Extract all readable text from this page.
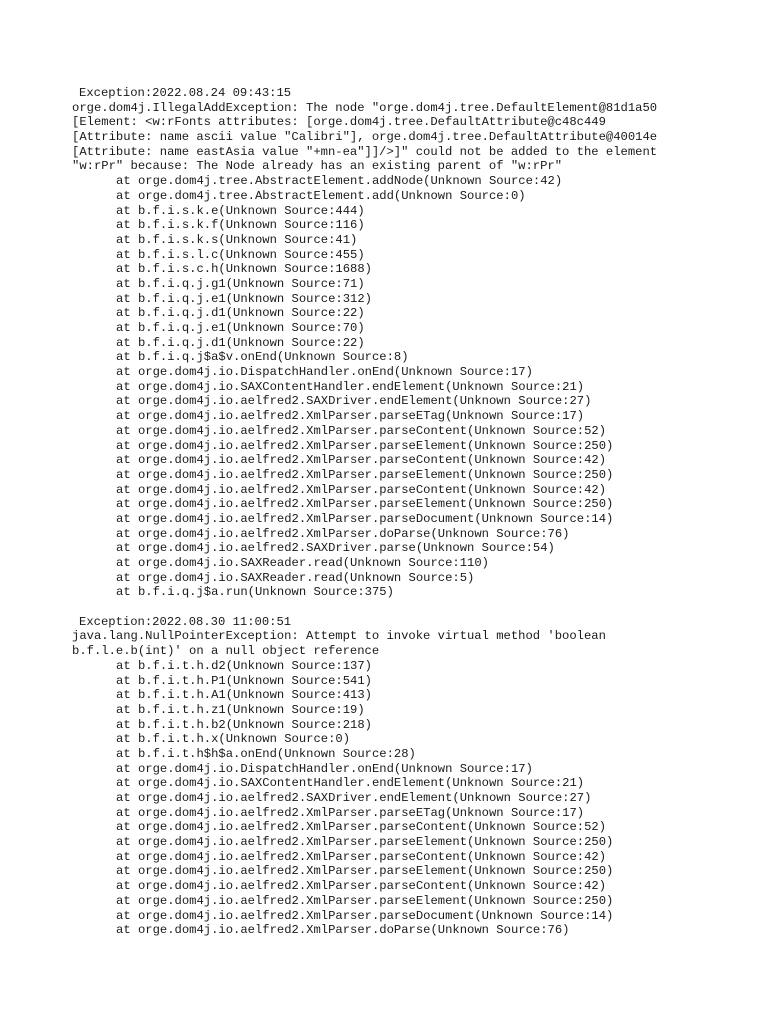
Exception:2022.08.24 09:43:15
orge.dom4j.IllegalAddException: The node "orge.dom4j.tree.DefaultElement@81d1a50
[Element: <w:rFonts attributes: [orge.dom4j.tree.DefaultAttribute@c48c449
[Attribute: name ascii value "Calibri"], orge.dom4j.tree.DefaultAttribute@40014e
[Attribute: name eastAsia value "+mn-ea"]]/>]" could not be added to the element
"w:rPr" because: The Node already has an existing parent of "w:rPr"
at orge.dom4j.tree.AbstractElement.addNode(Unknown Source:42)
at orge.dom4j.tree.AbstractElement.add(Unknown Source:0)
at b.f.i.s.k.e(Unknown Source:444)
at b.f.i.s.k.f(Unknown Source:116)
at b.f.i.s.k.s(Unknown Source:41)
at b.f.i.s.l.c(Unknown Source:455)
at b.f.i.s.c.h(Unknown Source:1688)
at b.f.i.q.j.g1(Unknown Source:71)
at b.f.i.q.j.e1(Unknown Source:312)
at b.f.i.q.j.d1(Unknown Source:22)
at b.f.i.q.j.e1(Unknown Source:70)
at b.f.i.q.j.d1(Unknown Source:22)
at b.f.i.q.j$a$v.onEnd(Unknown Source:8)
at orge.dom4j.io.DispatchHandler.onEnd(Unknown Source:17)
at orge.dom4j.io.SAXContentHandler.endElement(Unknown Source:21)
at orge.dom4j.io.aelfred2.SAXDriver.endElement(Unknown Source:27)
at orge.dom4j.io.aelfred2.XmlParser.parseETag(Unknown Source:17)
at orge.dom4j.io.aelfred2.XmlParser.parseContent(Unknown Source:52)
at orge.dom4j.io.aelfred2.XmlParser.parseElement(Unknown Source:250)
at orge.dom4j.io.aelfred2.XmlParser.parseContent(Unknown Source:42)
at orge.dom4j.io.aelfred2.XmlParser.parseElement(Unknown Source:250)
at orge.dom4j.io.aelfred2.XmlParser.parseContent(Unknown Source:42)
at orge.dom4j.io.aelfred2.XmlParser.parseElement(Unknown Source:250)
at orge.dom4j.io.aelfred2.XmlParser.parseDocument(Unknown Source:14)
at orge.dom4j.io.aelfred2.XmlParser.doParse(Unknown Source:76)
at orge.dom4j.io.aelfred2.SAXDriver.parse(Unknown Source:54)
at orge.dom4j.io.SAXReader.read(Unknown Source:110)
at orge.dom4j.io.SAXReader.read(Unknown Source:5)
at b.f.i.q.j$a.run(Unknown Source:375)
Exception:2022.08.30 11:00:51
java.lang.NullPointerException: Attempt to invoke virtual method 'boolean
b.f.l.e.b(int)' on a null object reference
at b.f.i.t.h.d2(Unknown Source:137)
at b.f.i.t.h.P1(Unknown Source:541)
at b.f.i.t.h.A1(Unknown Source:413)
at b.f.i.t.h.z1(Unknown Source:19)
at b.f.i.t.h.b2(Unknown Source:218)
at b.f.i.t.h.x(Unknown Source:0)
at b.f.i.t.h$h$a.onEnd(Unknown Source:28)
at orge.dom4j.io.DispatchHandler.onEnd(Unknown Source:17)
at orge.dom4j.io.SAXContentHandler.endElement(Unknown Source:21)
at orge.dom4j.io.aelfred2.SAXDriver.endElement(Unknown Source:27)
at orge.dom4j.io.aelfred2.XmlParser.parseETag(Unknown Source:17)
at orge.dom4j.io.aelfred2.XmlParser.parseContent(Unknown Source:52)
at orge.dom4j.io.aelfred2.XmlParser.parseElement(Unknown Source:250)
at orge.dom4j.io.aelfred2.XmlParser.parseContent(Unknown Source:42)
at orge.dom4j.io.aelfred2.XmlParser.parseElement(Unknown Source:250)
at orge.dom4j.io.aelfred2.XmlParser.parseContent(Unknown Source:42)
at orge.dom4j.io.aelfred2.XmlParser.parseElement(Unknown Source:250)
at orge.dom4j.io.aelfred2.XmlParser.parseDocument(Unknown Source:14)
at orge.dom4j.io.aelfred2.XmlParser.doParse(Unknown Source:76)
